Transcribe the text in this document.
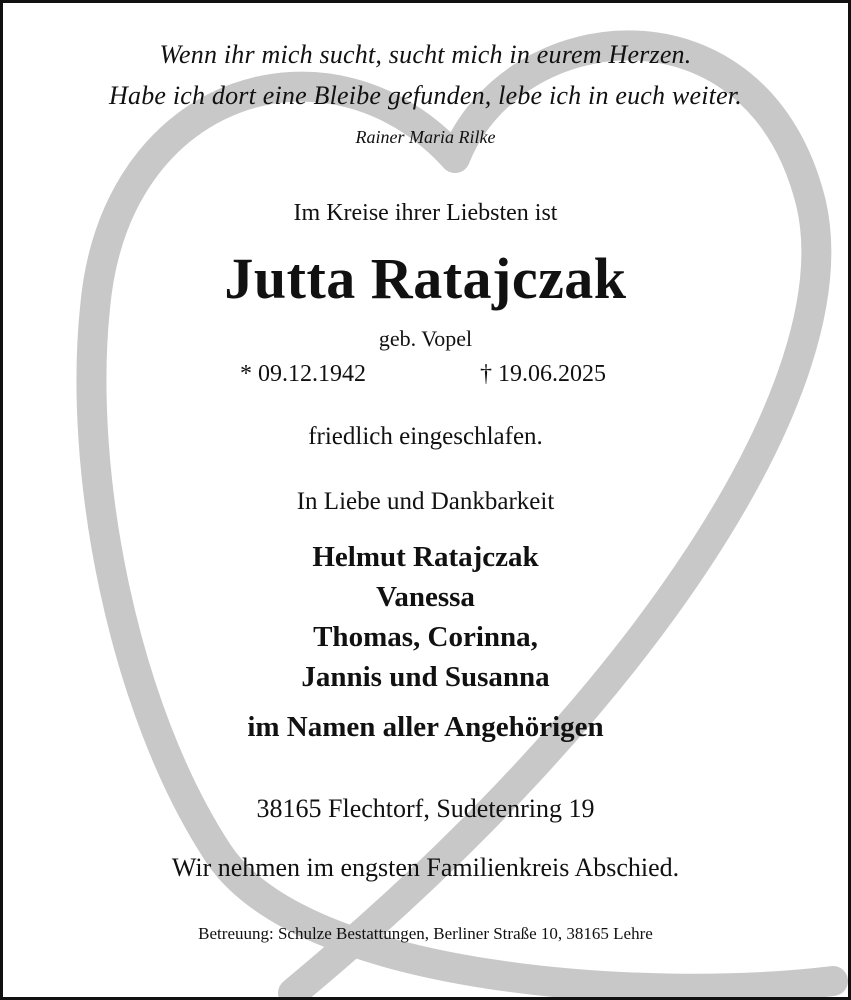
Wenn ihr mich sucht, sucht mich in eurem Herzen.
Habe ich dort eine Bleibe gefunden, lebe ich in euch weiter.
Rainer Maria Rilke
Im Kreise ihrer Liebsten ist
Jutta Ratajczak
geb. Vopel
* 09.12.1942	† 19.06.2025
friedlich eingeschlafen.
In Liebe und Dankbarkeit
Helmut Ratajczak
Vanessa
Thomas, Corinna,
Jannis und Susanna
im Namen aller Angehörigen
38165 Flechtorf, Sudetenring 19
Wir nehmen im engsten Familienkreis Abschied.
Betreuung: Schulze Bestattungen, Berliner Straße 10, 38165 Lehre
